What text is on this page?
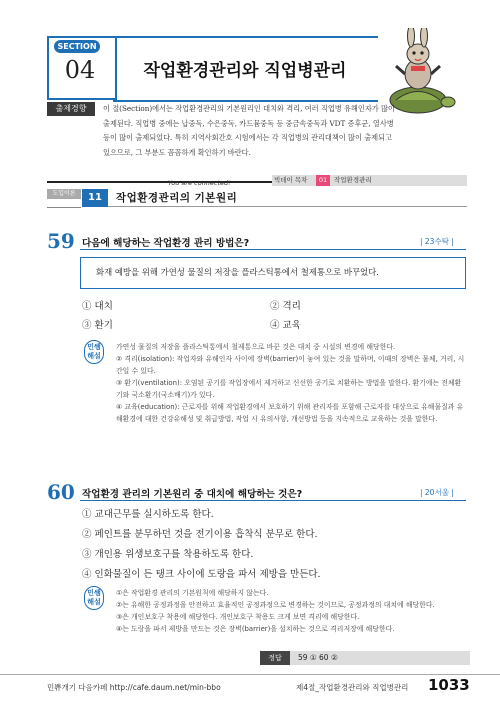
SECTION
04	작업환경관리와 직업병관리
출제경향	이 절(Section)에서는 작업환경관리의 기본원리인 대치와 격리, 여러 직업병 유해인자가 많이 출제된다. 직업병 중에는 납중독, 수은중독, 카드뮴중독 등 중금속중독과 VDT 증후군, 열사병 등이 많이 출제되었다. 특히 지역사회간호 시험에서는 각 직업병의 관리대책이 많이 출제되고 있으므로, 그 부분도 꼼꼼하게 확인하기 바란다.
You are connected!	빅데이 목차	01	작업환경관리
도입이론	11	작업환경관리의 기본원리
59 다음에 해당하는 작업환경 관리 방법은?	| 23수탁 |
화재 예방을 위해 가연성 물질의 저장을 플라스틱통에서 철제통으로 바꾸었다.
① 대치	② 격리
③ 환기	④ 교육
민쌤
해설
가연성 물질의 저장을 플라스틱통에서 철제통으로 바꾼 것은 대치 중 시설의 변경에 해당한다.
② 격리(isolation): 작업자와 유해인자 사이에 장벽(barrier)이 놓여 있는 것을 말하며, 이때의 장벽은 물체, 거리, 시간일 수 있다.
③ 환기(ventilation): 오염된 공기를 작업장에서 제거하고 신선한 공기로 치환하는 방법을 말한다. 환기에는 전체환기와 국소환기(국소배기)가 있다.
④ 교육(education): 근로자를 위해 작업환경에서 보호하기 위해 관리자를 포함해 근로자를 대상으로 유해물질과 유해환경에 대한 건강유해성 및 취급방법, 작업 시 유의사항, 개선방법 등을 지속적으로 교육하는 것을 말한다.
60 작업환경 관리의 기본원리 중 대치에 해당하는 것은?	| 20서울 |
① 교대근무를 실시하도록 한다.
② 페인트를 분무하던 것을 전기이용 흡착식 분무로 한다.
③ 개인용 위생보호구를 착용하도록 한다.
④ 인화물질이 든 탱크 사이에 도랑을 파서 제방을 만든다.
민쌤
해설
①은 작업환경 관리의 기본원칙에 해당하지 않는다.
②는 유해한 공정과정을 안전하고 효율적인 공정과정으로 변경하는 것이므로, 공정과정의 대치에 해당한다.
③은 개인보호구 착용에 해당한다. 개인보호구 착용도 크게 보면 격리에 해당한다.
④는 도랑을 파서 제방을 만드는 것은 장벽(barrier)을 설치하는 것으로 격리저장에 해당한다.
정답	59 ① 60 ②
민쀼개기 다음카페 http://cafe.daum.net/min-bbo	제4절_작업환경관리와 직업병관리 1033
